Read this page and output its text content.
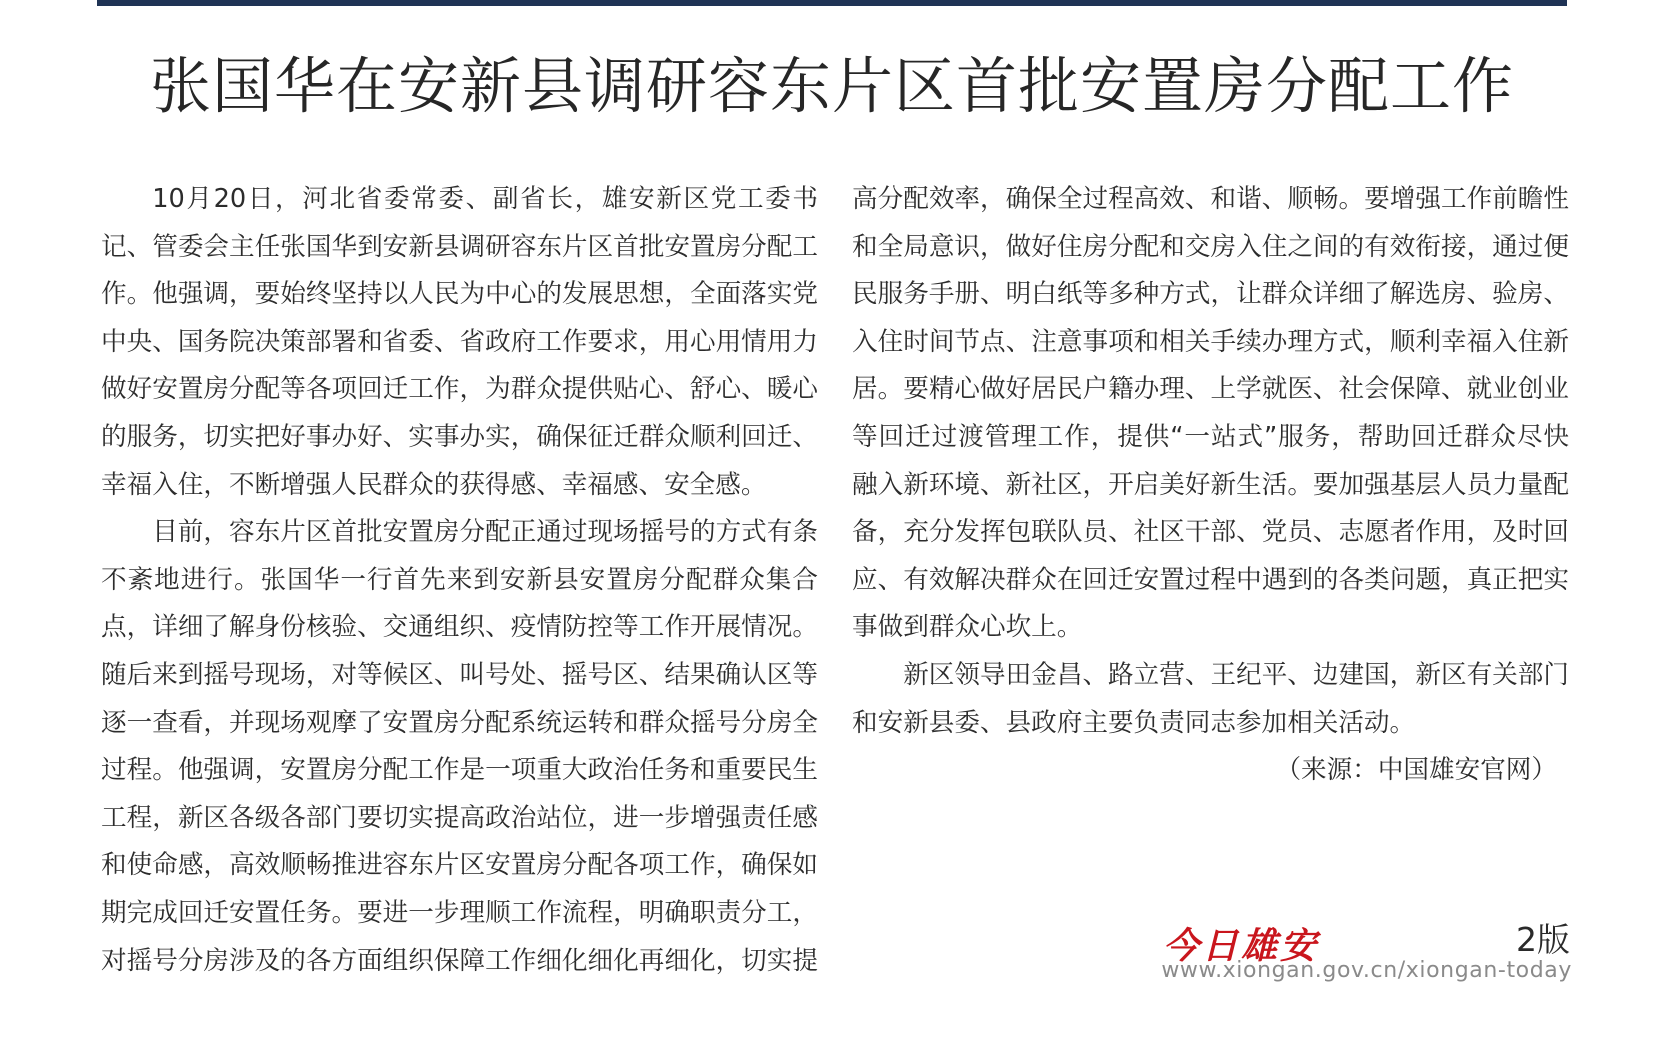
张国华在安新县调研容东片区首批安置房分配工作

10月20日，河北省委常委、副省长，雄安新区党工委书记、管委会主任张国华到安新县调研容东片区首批安置房分配工作。他强调，要始终坚持以人民为中心的发展思想，全面落实党中央、国务院决策部署和省委、省政府工作要求，用心用情用力做好安置房分配等各项回迁工作，为群众提供贴心、舒心、暖心的服务，切实把好事办好、实事办实，确保征迁群众顺利回迁、幸福入住，不断增强人民群众的获得感、幸福感、安全感。

目前，容东片区首批安置房分配正通过现场摇号的方式有条不紊地进行。张国华一行首先来到安新县安置房分配群众集合点，详细了解身份核验、交通组织、疫情防控等工作开展情况。随后来到摇号现场，对等候区、叫号处、摇号区、结果确认区等逐一查看，并现场观摩了安置房分配系统运转和群众摇号分房全过程。他强调，安置房分配工作是一项重大政治任务和重要民生工程，新区各级各部门要切实提高政治站位，进一步增强责任感和使命感，高效顺畅推进容东片区安置房分配各项工作，确保如期完成回迁安置任务。要进一步理顺工作流程，明确职责分工，对摇号分房涉及的各方面组织保障工作细化细化再细化，切实提高分配效率，确保全过程高效、和谐、顺畅。要增强工作前瞻性和全局意识，做好住房分配和交房入住之间的有效衔接，通过便民服务手册、明白纸等多种方式，让群众详细了解选房、验房、入住时间节点、注意事项和相关手续办理方式，顺利幸福入住新居。要精心做好居民户籍办理、上学就医、社会保障、就业创业等回迁过渡管理工作，提供“一站式”服务，帮助回迁群众尽快融入新环境、新社区，开启美好新生活。要加强基层人员力量配备，充分发挥包联队员、社区干部、党员、志愿者作用，及时回应、有效解决群众在回迁安置过程中遇到的各类问题，真正把实事做到群众心坎上。

新区领导田金昌、路立营、王纪平、边建国，新区有关部门和安新县委、县政府主要负责同志参加相关活动。

（来源：中国雄安官网）

今日雄安	2版
www.xiongan.gov.cn/xiongan-today
